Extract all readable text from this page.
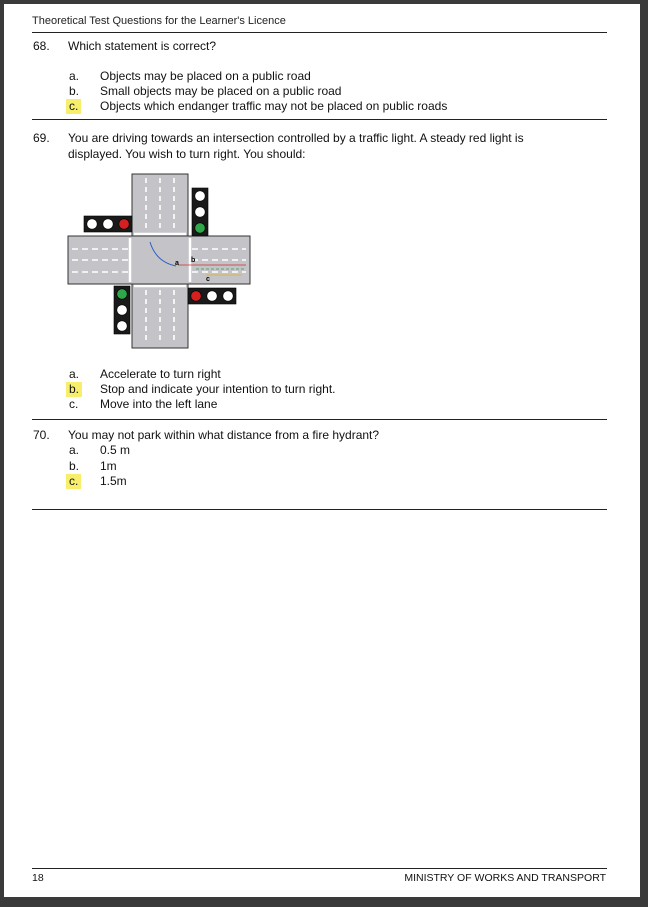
Theoretical Test Questions for the Learner's Licence
68. Which statement is correct?
a. Objects may be placed on a public road
b. Small objects may be placed on a public road
c. Objects which endanger traffic may not be placed on public roads
69. You are driving towards an intersection controlled by a traffic light. A steady red light is
displayed. You wish to turn right. You should:
a b
c
a. Accelerate to turn right
b. Stop and indicate your intention to turn right.
c. Move into the left lane
70. You may not park within what distance from a fire hydrant?
a. 0.5 m
b. 1m
c. 1.5m
18	MINISTRY OF WORKS AND TRANSPORT
